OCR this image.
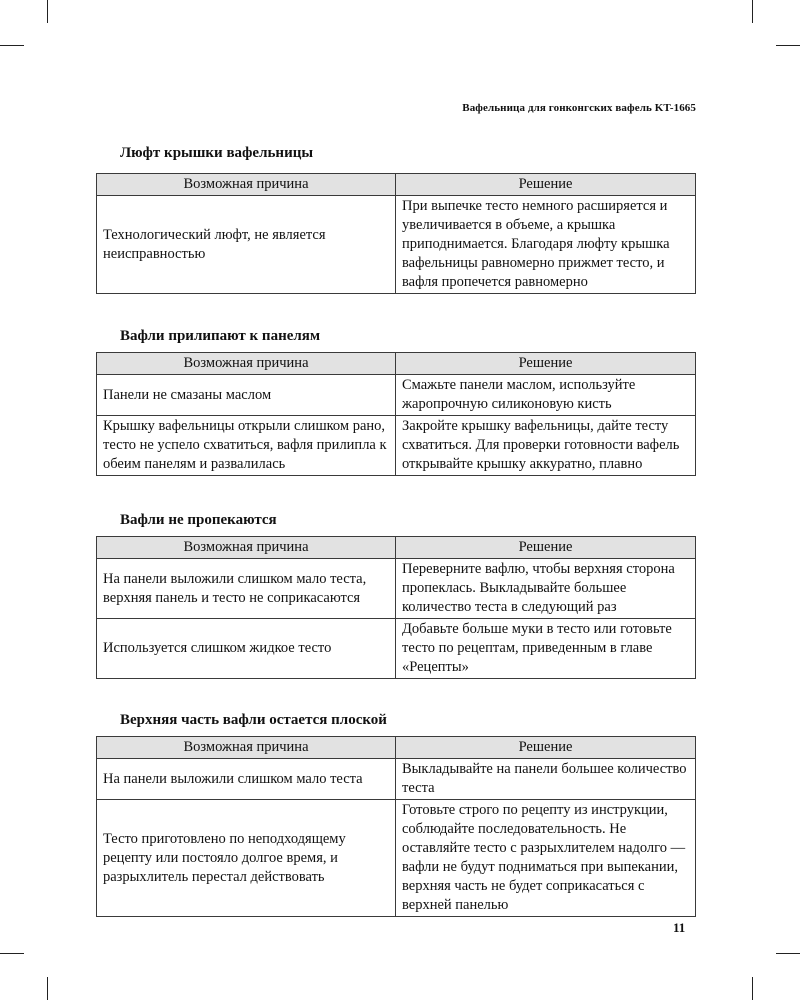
Вафельница для гонконгских вафель KT-1665
Люфт крышки вафельницы
Возможная причина	Решение
Технологический люфт, не является неисправностью	При выпечке тесто немного расширяется и увеличивается в объеме, а крышка приподнимается. Благодаря люфту крышка вафельницы равномерно прижмет тесто, и вафля пропечется равномерно
Вафли прилипают к панелям
Возможная причина	Решение
Панели не смазаны маслом	Смажьте панели маслом, используйте жаропрочную силиконовую кисть
Крышку вафельницы открыли слишком рано, тесто не успело схватиться, вафля прилипла к обеим панелям и развалилась	Закройте крышку вафельницы, дайте тесту схватиться. Для проверки готовности вафель открывайте крышку аккуратно, плавно
Вафли не пропекаются
Возможная причина	Решение
На панели выложили слишком мало теста, верхняя панель и тесто не соприкасаются	Переверните вафлю, чтобы верхняя сторона пропеклась. Выкладывайте большее количество теста в следующий раз
Используется слишком жидкое тесто	Добавьте больше муки в тесто или готовьте тесто по рецептам, приведенным в главе «Рецепты»
Верхняя часть вафли остается плоской
Возможная причина	Решение
На панели выложили слишком мало теста	Выкладывайте на панели большее количество теста
Тесто приготовлено по неподходящему рецепту или постояло долгое время, и разрыхлитель перестал действовать	Готовьте строго по рецепту из инструкции, соблюдайте последовательность. Не оставляйте тесто с разрыхлителем надолго — вафли не будут подниматься при выпекании, верхняя часть не будет соприкасаться с верхней панелью
11
